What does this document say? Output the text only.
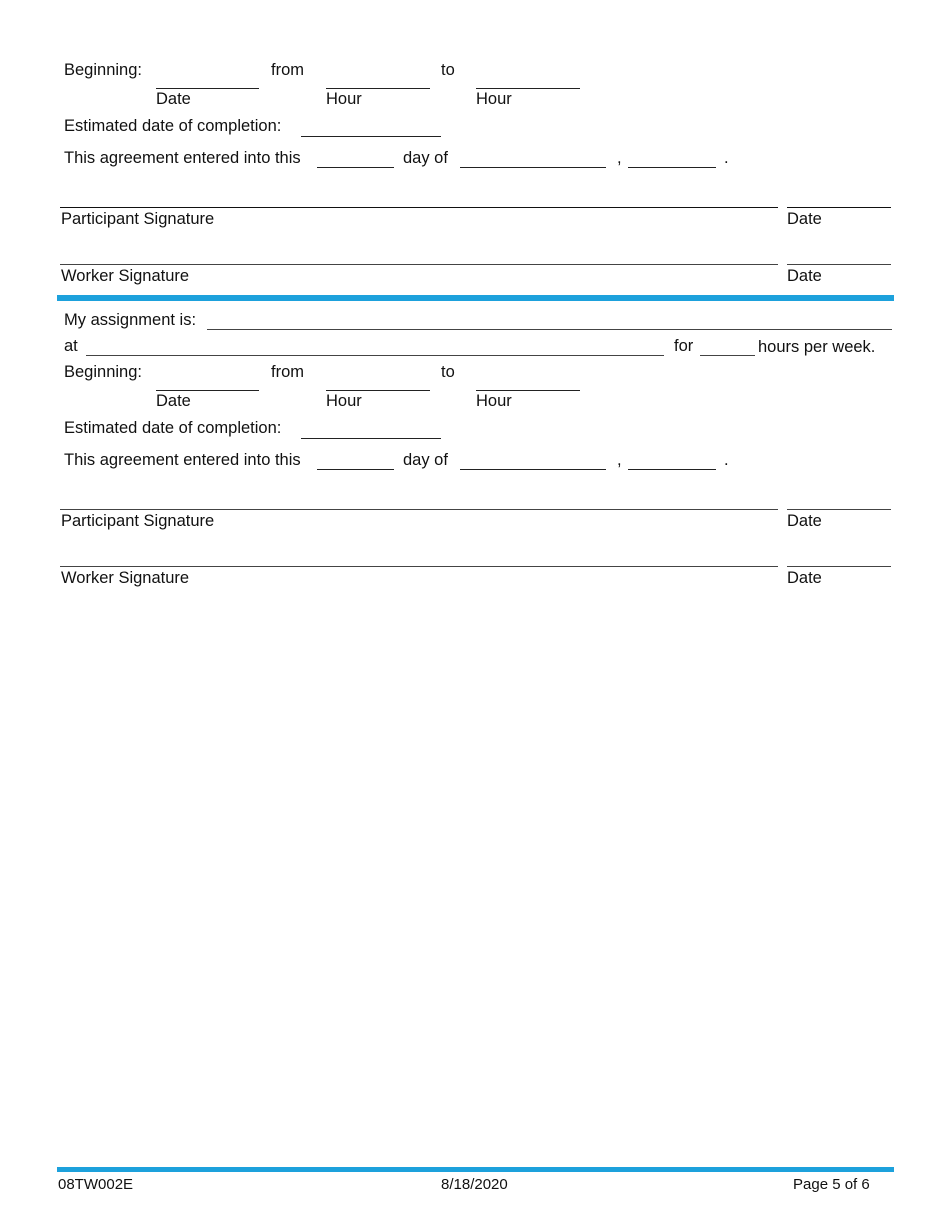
Beginning:	from	to
Date	Hour	Hour
Estimated date of completion:
This agreement entered into this	day of	,	.
Participant Signature	Date
Worker Signature	Date
My assignment is:
at	for	hours per week.
Beginning:	from	to
Date	Hour	Hour
Estimated date of completion:
This agreement entered into this	day of	,	.
Participant Signature	Date
Worker Signature	Date
08TW002E	8/18/2020	Page 5 of 6
